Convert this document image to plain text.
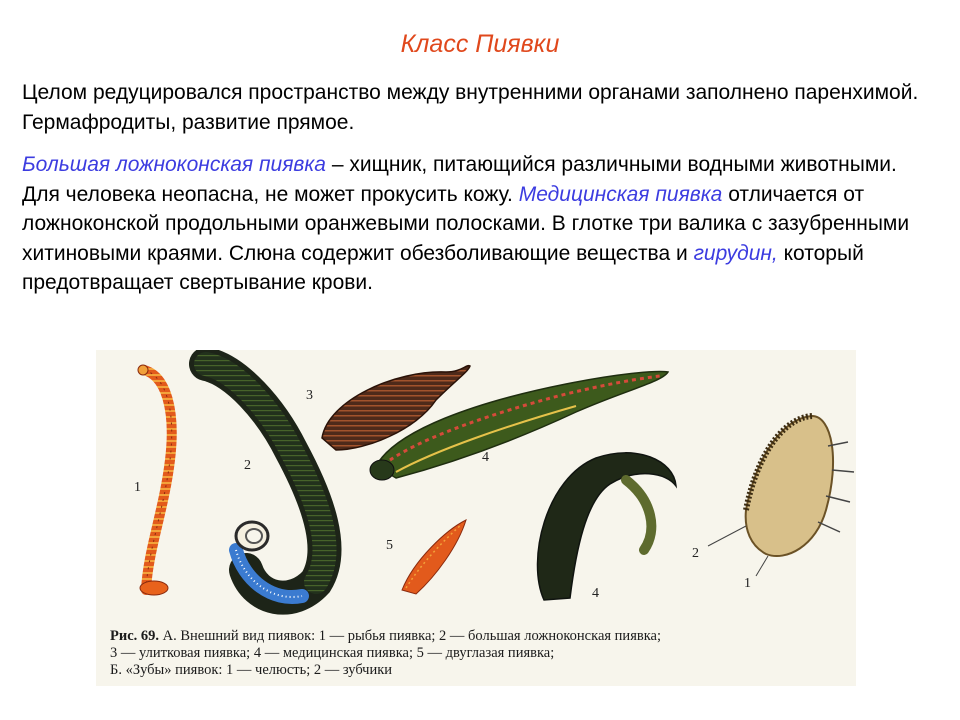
Класс Пиявки
Целом редуцировался пространство между внутренними органами заполнено паренхимой. Гермафродиты, развитие прямое.
Большая ложноконская пиявка – хищник, питающийся различными водными животными. Для человека неопасна, не может прокусить кожу. Медицинская пиявка отличается от ложноконской продольными оранжевыми полосками. В глотке три валика с зазубренными хитиновыми краями. Слюна содержит обезболивающие вещества и гирудин, который предотвращает свертывание крови.
1
2
3
4
5
4
2
1
Рис. 69. А. Внешний вид пиявок: 1 — рыбья пиявка; 2 — большая ложноконская пиявка;
3 — улитковая пиявка; 4 — медицинская пиявка; 5 — двуглазая пиявка;
Б. «Зубы» пиявок: 1 — челюсть; 2 — зубчики
